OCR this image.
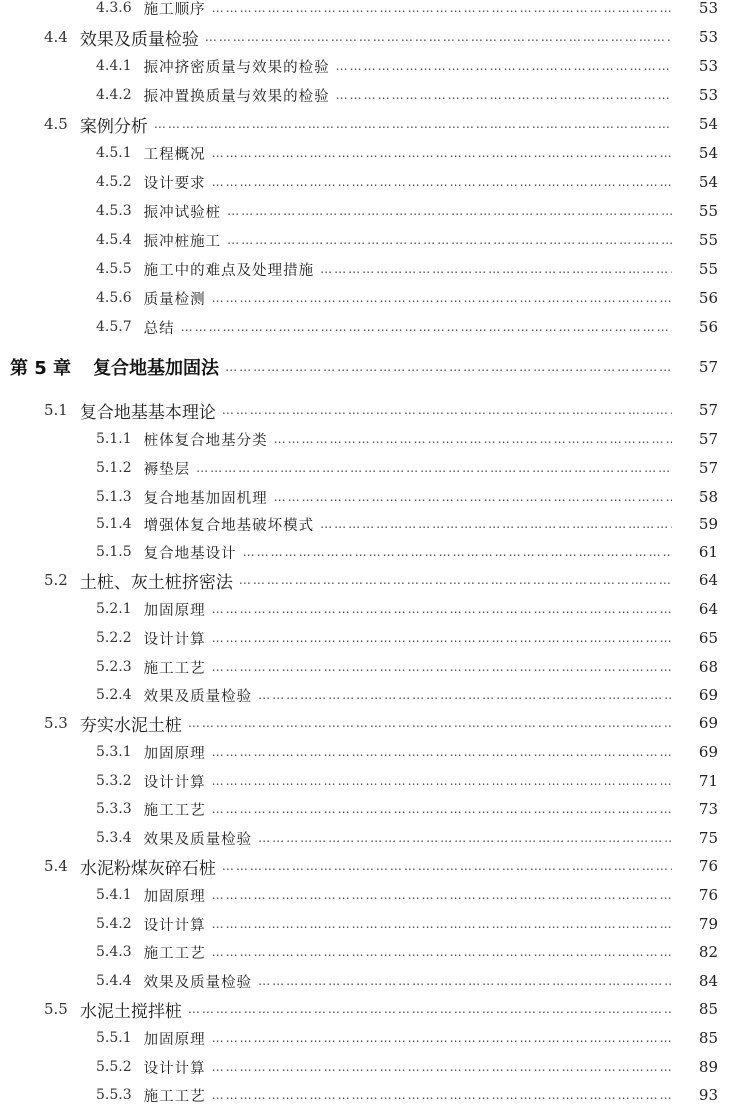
4.3.6 施工顺序 …………………………………………………………………………………………………………………………………………………………………………………………………………	53
4.4 效果及质量检验 …………………………………………………………………………………………………………………………………………………………………………………………………………	53
4.4.1 振冲挤密质量与效果的检验 …………………………………………………………………………………………………………………………………………………………………………………………………………	53
4.4.2 振冲置换质量与效果的检验 …………………………………………………………………………………………………………………………………………………………………………………………………………	53
4.5 案例分析 …………………………………………………………………………………………………………………………………………………………………………………………………………	54
4.5.1 工程概况 …………………………………………………………………………………………………………………………………………………………………………………………………………	54
4.5.2 设计要求 …………………………………………………………………………………………………………………………………………………………………………………………………………	54
4.5.3 振冲试验桩 …………………………………………………………………………………………………………………………………………………………………………………………………………	55
4.5.4 振冲桩施工 …………………………………………………………………………………………………………………………………………………………………………………………………………	55
4.5.5 施工中的难点及处理措施 …………………………………………………………………………………………………………………………………………………………………………………………………………	55
4.5.6 质量检测 …………………………………………………………………………………………………………………………………………………………………………………………………………	56
4.5.7 总结 …………………………………………………………………………………………………………………………………………………………………………………………………………	56
第 5 章 复合地基加固法 …………………………………………………………………………………………………………………………………………………………………………………………………………	57
5.1 复合地基基本理论 …………………………………………………………………………………………………………………………………………………………………………………………………………	57
5.1.1 桩体复合地基分类 …………………………………………………………………………………………………………………………………………………………………………………………………………	57
5.1.2 褥垫层 …………………………………………………………………………………………………………………………………………………………………………………………………………	57
5.1.3 复合地基加固机理 …………………………………………………………………………………………………………………………………………………………………………………………………………	58
5.1.4 增强体复合地基破坏模式 …………………………………………………………………………………………………………………………………………………………………………………………………………	59
5.1.5 复合地基设计 …………………………………………………………………………………………………………………………………………………………………………………………………………	61
5.2 土桩、灰土桩挤密法 …………………………………………………………………………………………………………………………………………………………………………………………………………	64
5.2.1 加固原理 …………………………………………………………………………………………………………………………………………………………………………………………………………	64
5.2.2 设计计算 …………………………………………………………………………………………………………………………………………………………………………………………………………	65
5.2.3 施工工艺 …………………………………………………………………………………………………………………………………………………………………………………………………………	68
5.2.4 效果及质量检验 …………………………………………………………………………………………………………………………………………………………………………………………………………	69
5.3 夯实水泥土桩 …………………………………………………………………………………………………………………………………………………………………………………………………………	69
5.3.1 加固原理 …………………………………………………………………………………………………………………………………………………………………………………………………………	69
5.3.2 设计计算 …………………………………………………………………………………………………………………………………………………………………………………………………………	71
5.3.3 施工工艺 …………………………………………………………………………………………………………………………………………………………………………………………………………	73
5.3.4 效果及质量检验 …………………………………………………………………………………………………………………………………………………………………………………………………………	75
5.4 水泥粉煤灰碎石桩 …………………………………………………………………………………………………………………………………………………………………………………………………………	76
5.4.1 加固原理 …………………………………………………………………………………………………………………………………………………………………………………………………………	76
5.4.2 设计计算 …………………………………………………………………………………………………………………………………………………………………………………………………………	79
5.4.3 施工工艺 …………………………………………………………………………………………………………………………………………………………………………………………………………	82
5.4.4 效果及质量检验 …………………………………………………………………………………………………………………………………………………………………………………………………………	84
5.5 水泥土搅拌桩 …………………………………………………………………………………………………………………………………………………………………………………………………………	85
5.5.1 加固原理 …………………………………………………………………………………………………………………………………………………………………………………………………………	85
5.5.2 设计计算 …………………………………………………………………………………………………………………………………………………………………………………………………………	89
5.5.3 施工工艺 …………………………………………………………………………………………………………………………………………………………………………………………………………	93
